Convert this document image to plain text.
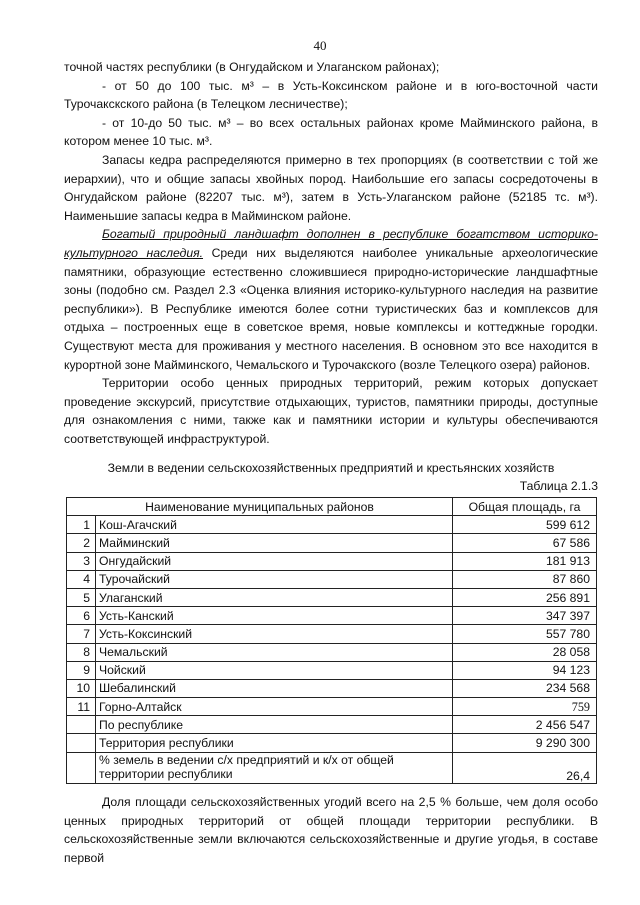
40

точной частях республики (в Онгудайском и Улаганском районах);

- от 50 до 100 тыс. м³ – в Усть-Коксинском районе и в юго-восточной части Турочакскского района (в Телецком лесничестве);

- от 10-до 50 тыс. м³ – во всех остальных районах кроме Майминского района, в котором менее 10 тыс. м³.

Запасы кедра распределяются примерно в тех пропорциях (в соответствии с той же иерархии), что и общие запасы хвойных пород. Наибольшие его запасы сосредоточены в Онгудайском районе (82207 тыс. м³), затем в Усть-Улаганском районе (52185 тс. м³). Наименьшие запасы кедра в Майминском районе.

Богатый природный ландшафт дополнен в республике богатством историко-культурного наследия. Среди них выделяются наиболее уникальные археологические памятники, образующие естественно сложившиеся природно-исторические ландшафтные зоны (подобно см. Раздел 2.3 «Оценка влияния историко-культурного наследия на развитие республики»). В Республике имеются более сотни туристических баз и комплексов для отдыха – построенных еще в советское время, новые комплексы и коттеджные городки. Существуют места для проживания у местного населения. В основном это все находится в курортной зоне Майминского, Чемальского и Турочакского (возле Телецкого озера) районов.

Территории особо ценных природных территорий, режим которых допускает проведение экскурсий, присутствие отдыхающих, туристов, памятники природы, доступные для ознакомления с ними, также как и памятники истории и культуры обеспечиваются соответствующей инфраструктурой.

Земли в ведении сельскохозяйственных предприятий и крестьянских хозяйств
Таблица 2.1.3
Наименование муниципальных районов		Общая площадь, га
1	Кош-Агачский	599 612
2	Майминский	67 586
3	Онгудайский	181 913
4	Турочайский	87 860
5	Улаганский	256 891
6	Усть-Канский	347 397
7	Усть-Коксинский	557 780
8	Чемальский	28 058
9	Чойский	94 123
10	Шебалинский	234 568
11	Горно-Алтайск	759
	По республике	2 456 547
	Территория республики	9 290 300
	% земель в ведении с/х предприятий и к/х от общей территории республики	26,4

Доля площади сельскохозяйственных угодий всего на 2,5 % больше, чем доля особо ценных природных территорий от общей площади территории республики. В сельскохозяйственные земли включаются сельскохозяйственные и другие угодья, в составе первой
